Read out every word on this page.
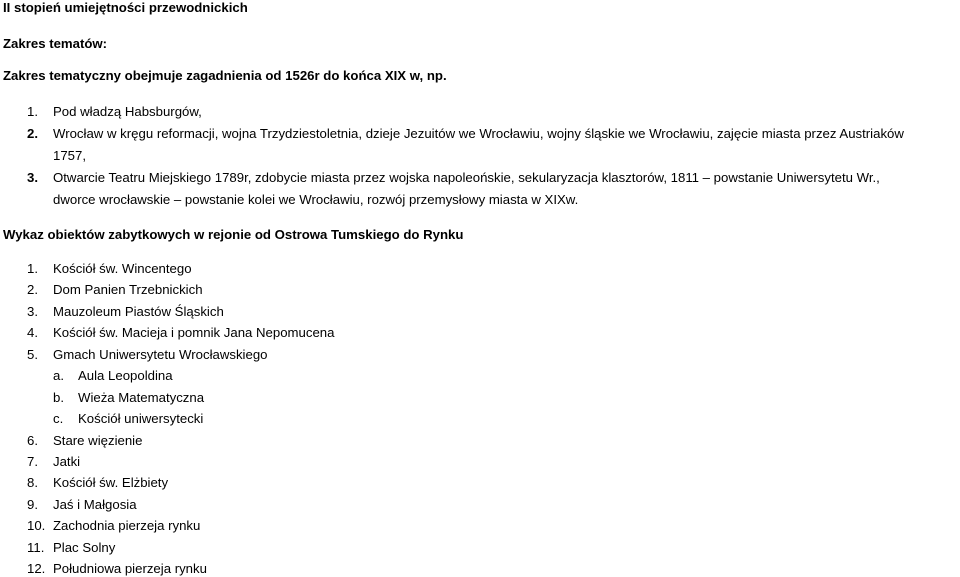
II stopień umiejętności przewodnickich
Zakres tematów:
Zakres tematyczny obejmuje zagadnienia od 1526r do końca XIX w, np.
1. Pod władzą Habsburgów,
2. Wrocław w kręgu reformacji, wojna Trzydziestoletnia, dzieje Jezuitów we Wrocławiu, wojny śląskie we Wrocławiu, zajęcie miasta przez Austriaków
1757,
3. Otwarcie Teatru Miejskiego 1789r, zdobycie miasta przez wojska napoleońskie, sekularyzacja klasztorów, 1811 – powstanie Uniwersytetu Wr.,
dworce wrocławskie – powstanie kolei we Wrocławiu, rozwój przemysłowy miasta w XIXw.
Wykaz obiektów zabytkowych w rejonie od Ostrowa Tumskiego do Rynku
1. Kościół św. Wincentego
2. Dom Panien Trzebnickich
3. Mauzoleum Piastów Śląskich
4. Kościół św. Macieja i pomnik Jana Nepomucena
5. Gmach Uniwersytetu Wrocławskiego
a. Aula Leopoldina
b. Wieża Matematyczna
c. Kościół uniwersytecki
6. Stare więzienie
7. Jatki
8. Kościół św. Elżbiety
9. Jaś i Małgosia
10. Zachodnia pierzeja rynku
11. Plac Solny
12. Południowa pierzeja rynku
